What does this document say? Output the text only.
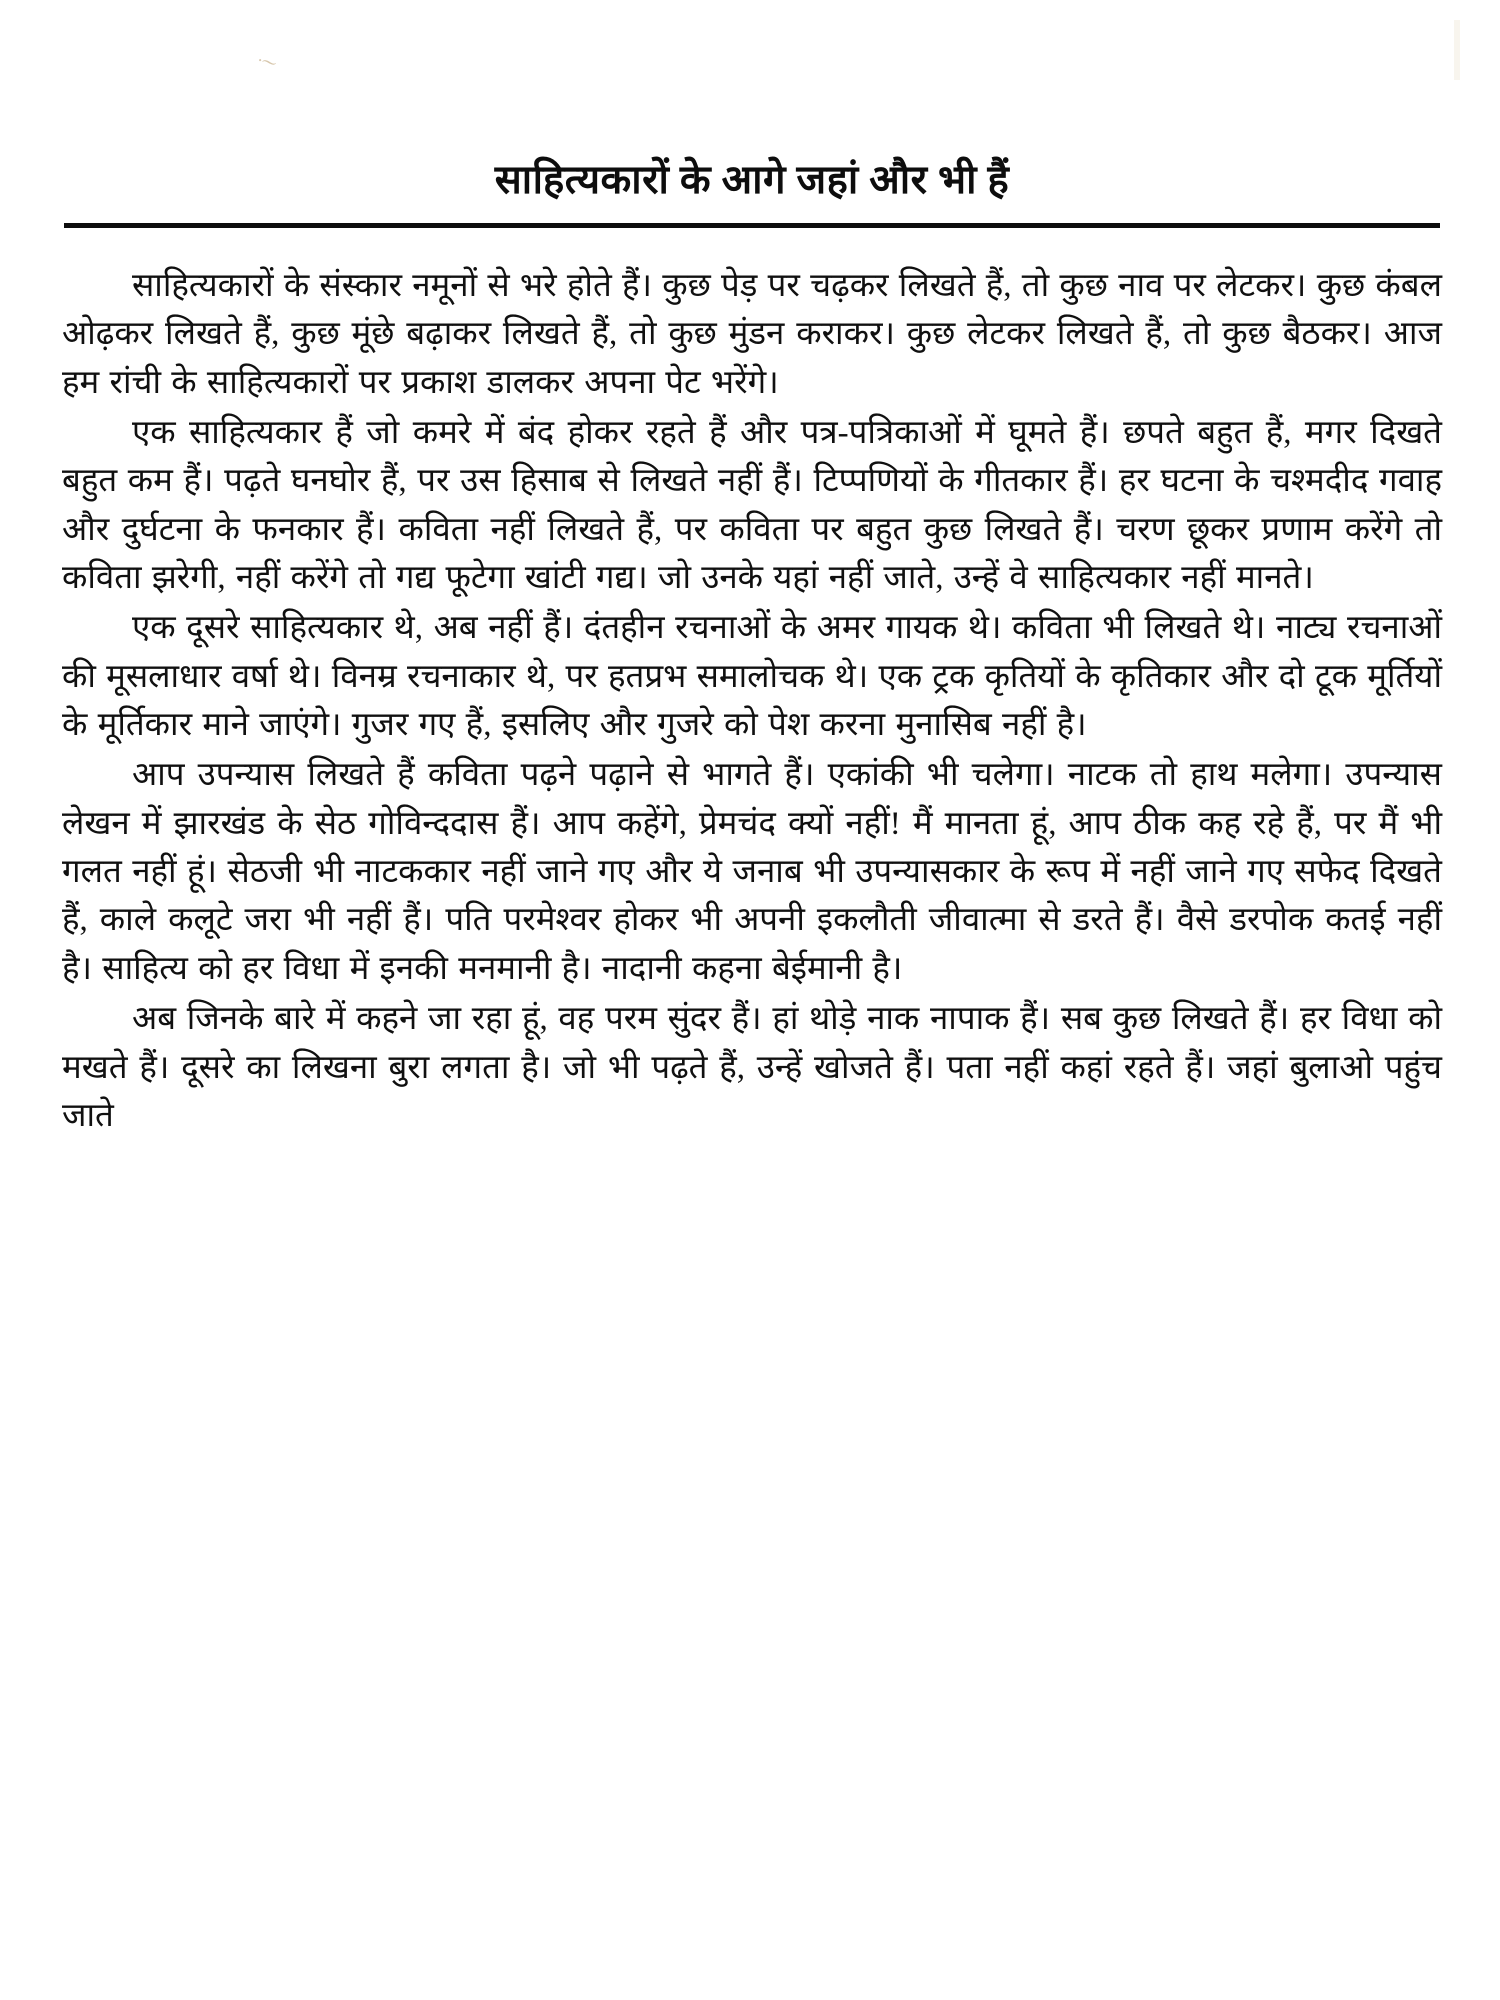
˙͠
साहित्यकारों के आगे जहां और भी हैं

साहित्यकारों के संस्कार नमूनों से भरे होते हैं। कुछ पेड़ पर चढ़कर लिखते हैं, तो कुछ नाव पर लेटकर। कुछ कंबल ओढ़कर लिखते हैं, कुछ मूंछे बढ़ाकर लिखते हैं, तो कुछ मुंडन कराकर। कुछ लेटकर लिखते हैं, तो कुछ बैठकर। आज हम रांची के साहित्यकारों पर प्रकाश डालकर अपना पेट भरेंगे।

एक साहित्यकार हैं जो कमरे में बंद होकर रहते हैं और पत्र-पत्रिकाओं में घूमते हैं। छपते बहुत हैं, मगर दिखते बहुत कम हैं। पढ़ते घनघोर हैं, पर उस हिसाब से लिखते नहीं हैं। टिप्पणियों के गीतकार हैं। हर घटना के चश्मदीद गवाह और दुर्घटना के फनकार हैं। कविता नहीं लिखते हैं, पर कविता पर बहुत कुछ लिखते हैं। चरण छूकर प्रणाम करेंगे तो कविता झरेगी, नहीं करेंगे तो गद्य फूटेगा खांटी गद्य। जो उनके यहां नहीं जाते, उन्हें वे साहित्यकार नहीं मानते।

एक दूसरे साहित्यकार थे, अब नहीं हैं। दंतहीन रचनाओं के अमर गायक थे। कविता भी लिखते थे। नाट्य रचनाओं की मूसलाधार वर्षा थे। विनम्र रचनाकार थे, पर हतप्रभ समालोचक थे। एक ट्रक कृतियों के कृतिकार और दो टूक मूर्तियों के मूर्तिकार माने जाएंगे। गुजर गए हैं, इसलिए और गुजरे को पेश करना मुनासिब नहीं है।

आप उपन्यास लिखते हैं कविता पढ़ने पढ़ाने से भागते हैं। एकांकी भी चलेगा। नाटक तो हाथ मलेगा। उपन्यास लेखन में झारखंड के सेठ गोविन्ददास हैं। आप कहेंगे, प्रेमचंद क्यों नहीं! मैं मानता हूं, आप ठीक कह रहे हैं, पर मैं भी गलत नहीं हूं। सेठजी भी नाटककार नहीं जाने गए और ये जनाब भी उपन्यासकार के रूप में नहीं जाने गए सफेद दिखते हैं, काले कलूटे जरा भी नहीं हैं। पति परमेश्वर होकर भी अपनी इकलौती जीवात्मा से डरते हैं। वैसे डरपोक कतई नहीं है। साहित्य को हर विधा में इनकी मनमानी है। नादानी कहना बेईमानी है।

अब जिनके बारे में कहने जा रहा हूं, वह परम सुंदर हैं। हां थोड़े नाक नापाक हैं। सब कुछ लिखते हैं। हर विधा को मखते हैं। दूसरे का लिखना बुरा लगता है। जो भी पढ़ते हैं, उन्हें खोजते हैं। पता नहीं कहां रहते हैं। जहां बुलाओ पहुंच जाते
